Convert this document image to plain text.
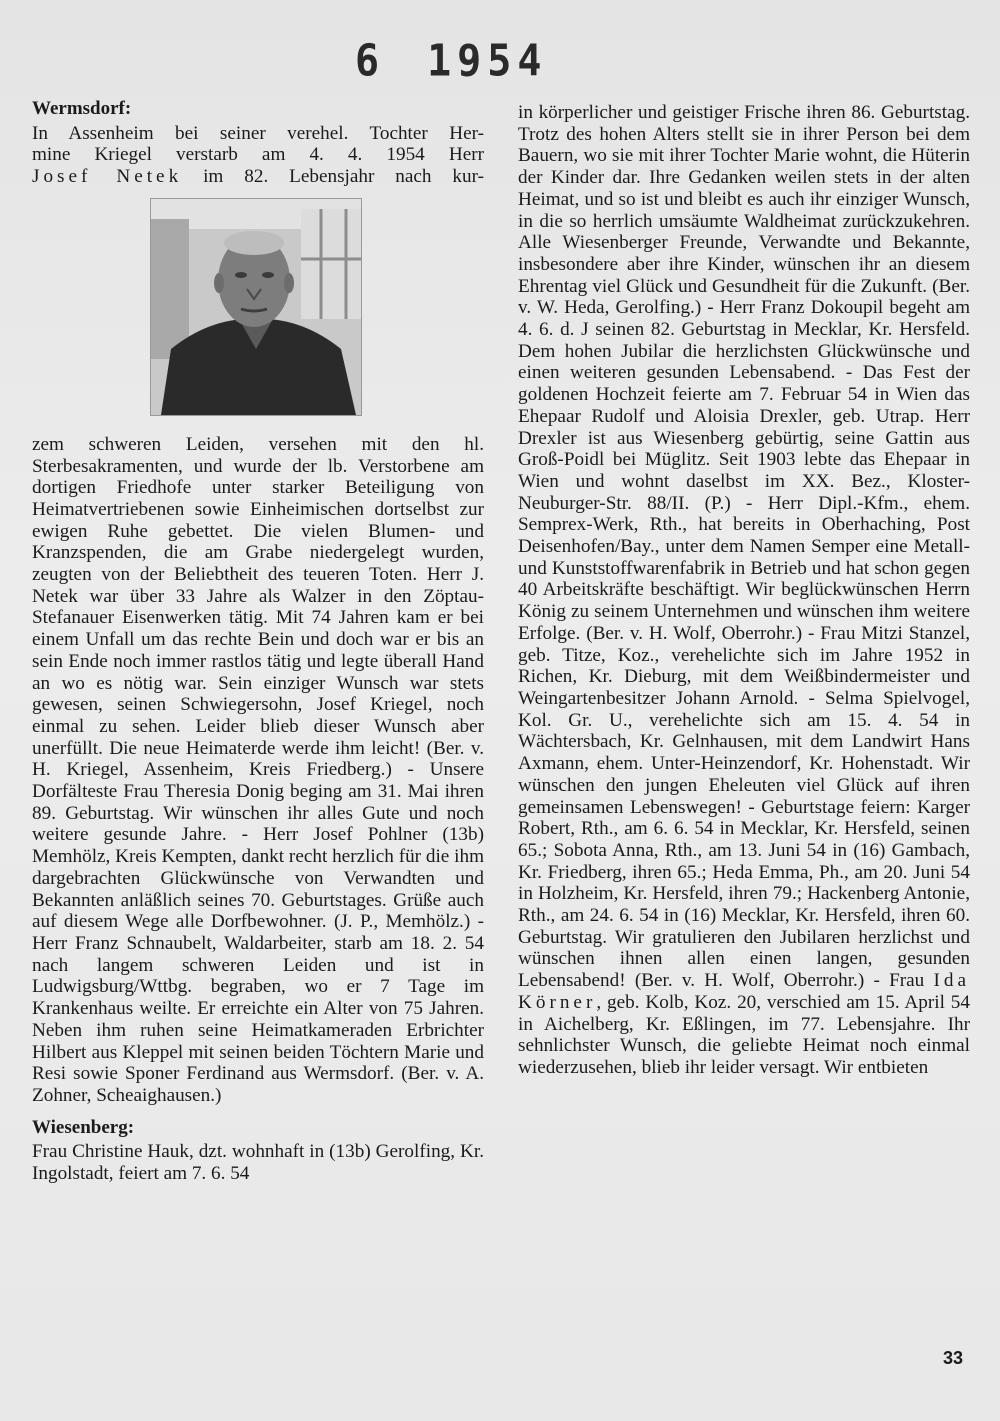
6 1954
Wermsdorf:

In Assenheim bei seiner verehel. Tochter Her-

mine Kriegel verstarb am 4. 4. 1954 Herr

Josef Netek im 82. Lebensjahr nach kur-

zem schweren Leiden, versehen mit den hl. Sterbesakramenten, und wurde der lb. Verstorbene am dortigen Friedhofe unter starker Beteiligung von Heimatvertriebenen sowie Einheimischen dortselbst zur ewigen Ruhe gebettet. Die vielen Blumen- und Kranzspenden, die am Grabe niedergelegt wurden, zeugten von der Beliebtheit des teueren Toten. Herr J. Netek war über 33 Jahre als Walzer in den Zöptau-Stefanauer Eisenwerken tätig. Mit 74 Jahren kam er bei einem Unfall um das rechte Bein und doch war er bis an sein Ende noch immer rastlos tätig und legte überall Hand an wo es nötig war. Sein einziger Wunsch war stets gewesen, seinen Schwiegersohn, Josef Kriegel, noch einmal zu sehen. Leider blieb dieser Wunsch aber unerfüllt. Die neue Heimaterde werde ihm leicht! (Ber. v. H. Kriegel, Assenheim, Kreis Friedberg.) - Unsere Dorfälteste Frau Theresia Donig beging am 31. Mai ihren 89. Geburtstag. Wir wünschen ihr alles Gute und noch weitere gesunde Jahre. - Herr Josef Pohlner (13b) Memhölz, Kreis Kempten, dankt recht herzlich für die ihm dargebrachten Glückwünsche von Verwandten und Bekannten anläßlich seines 70. Geburtstages. Grüße auch auf diesem Wege alle Dorfbewohner. (J. P., Memhölz.) - Herr Franz Schnaubelt, Waldarbeiter, starb am 18. 2. 54 nach langem schweren Leiden und ist in Ludwigsburg/Wttbg. begraben, wo er 7 Tage im Krankenhaus weilte. Er erreichte ein Alter von 75 Jahren. Neben ihm ruhen seine Heimatkameraden Erbrichter Hilbert aus Kleppel mit seinen beiden Töchtern Marie und Resi sowie Sponer Ferdinand aus Wermsdorf. (Ber. v. A. Zohner, Scheaighausen.)

Wiesenberg:

Frau Christine Hauk, dzt. wohnhaft in (13b) Gerolfing, Kr. Ingolstadt, feiert am 7. 6. 54

in körperlicher und geistiger Frische ihren 86. Geburtstag. Trotz des hohen Alters stellt sie in ihrer Person bei dem Bauern, wo sie mit ihrer Tochter Marie wohnt, die Hüterin der Kinder dar. Ihre Gedanken weilen stets in der alten Heimat, und so ist und bleibt es auch ihr einziger Wunsch, in die so herrlich umsäumte Waldheimat zurückzukehren. Alle Wiesenberger Freunde, Verwandte und Bekannte, insbesondere aber ihre Kinder, wünschen ihr an diesem Ehrentag viel Glück und Gesundheit für die Zukunft. (Ber. v. W. Heda, Gerolfing.) - Herr Franz Dokoupil begeht am 4. 6. d. J seinen 82. Geburtstag in Mecklar, Kr. Hersfeld. Dem hohen Jubilar die herzlichsten Glückwünsche und einen weiteren gesunden Lebensabend. - Das Fest der goldenen Hochzeit feierte am 7. Februar 54 in Wien das Ehepaar Rudolf und Aloisia Drexler, geb. Utrap. Herr Drexler ist aus Wiesenberg gebürtig, seine Gattin aus Groß-Poidl bei Müglitz. Seit 1903 lebte das Ehepaar in Wien und wohnt daselbst im XX. Bez., Kloster-Neuburger-Str. 88/II. (P.) - Herr Dipl.-Kfm., ehem. Semprex-Werk, Rth., hat bereits in Oberhaching, Post Deisenhofen/Bay., unter dem Namen Semper eine Metall- und Kunststoffwarenfabrik in Betrieb und hat schon gegen 40 Arbeitskräfte beschäftigt. Wir beglückwünschen Herrn König zu seinem Unternehmen und wünschen ihm weitere Erfolge. (Ber. v. H. Wolf, Oberrohr.) - Frau Mitzi Stanzel, geb. Titze, Koz., verehelichte sich im Jahre 1952 in Richen, Kr. Dieburg, mit dem Weißbindermeister und Weingartenbesitzer Johann Arnold. - Selma Spielvogel, Kol. Gr. U., verehelichte sich am 15. 4. 54 in Wächtersbach, Kr. Gelnhausen, mit dem Landwirt Hans Axmann, ehem. Unter-Heinzendorf, Kr. Hohenstadt. Wir wünschen den jungen Eheleuten viel Glück auf ihren gemeinsamen Lebenswegen! - Geburtstage feiern: Karger Robert, Rth., am 6. 6. 54 in Mecklar, Kr. Hersfeld, seinen 65.; Sobota Anna, Rth., am 13. Juni 54 in (16) Gambach, Kr. Friedberg, ihren 65.; Heda Emma, Ph., am 20. Juni 54 in Holzheim, Kr. Hersfeld, ihren 79.; Hackenberg Antonie, Rth., am 24. 6. 54 in (16) Mecklar, Kr. Hersfeld, ihren 60. Geburtstag. Wir gratulieren den Jubilaren herzlichst und wünschen ihnen allen einen langen, gesunden Lebensabend! (Ber. v. H. Wolf, Oberrohr.) - Frau Ida Körner, geb. Kolb, Koz. 20, verschied am 15. April 54 in Aichelberg, Kr. Eßlingen, im 77. Lebensjahre. Ihr sehnlichster Wunsch, die geliebte Heimat noch einmal wiederzusehen, blieb ihr leider versagt. Wir entbieten

33
